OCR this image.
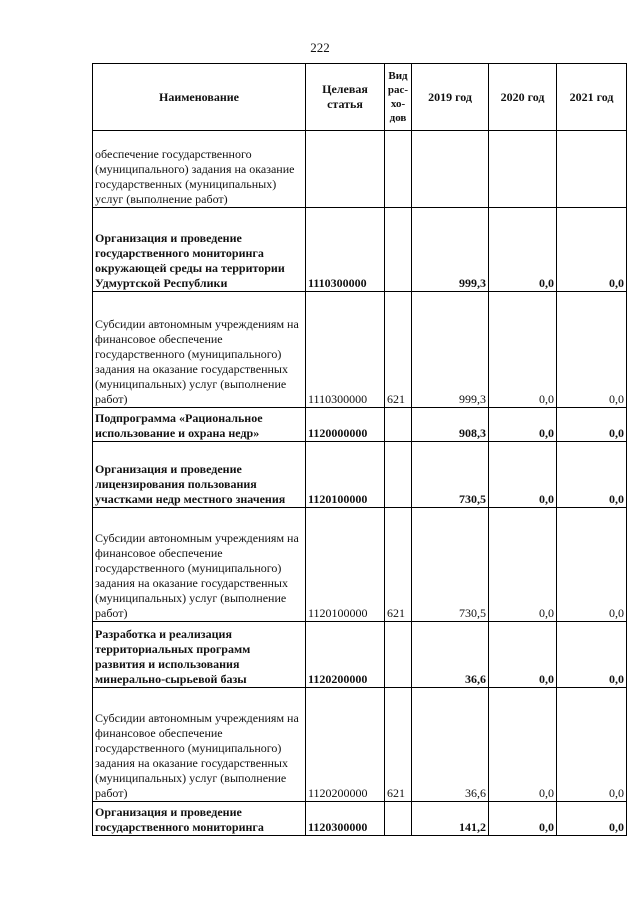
222
Наименование	Целевая статья	Вид рас-хо-дов	2019 год	2020 год	2021 год
обеспечение государственного (муниципального) задания на оказание государственных (муниципальных) услуг (выполнение работ)					
Организация и проведение государственного мониторинга окружающей среды на территории Удмуртской Республики	1110300000		999,3	0,0	0,0
Субсидии автономным учреждениям на финансовое обеспечение государственного (муниципального) задания на оказание государственных (муниципальных) услуг (выполнение работ)	1110300000	621	999,3	0,0	0,0
Подпрограмма «Рациональное использование и охрана недр»	1120000000		908,3	0,0	0,0
Организация и проведение лицензирования пользования участками недр местного значения	1120100000		730,5	0,0	0,0
Субсидии автономным учреждениям на финансовое обеспечение государственного (муниципального) задания на оказание государственных (муниципальных) услуг (выполнение работ)	1120100000	621	730,5	0,0	0,0
Разработка и реализация территориальных программ развития и использования минерально-сырьевой базы	1120200000		36,6	0,0	0,0
Субсидии автономным учреждениям на финансовое обеспечение государственного (муниципального) задания на оказание государственных (муниципальных) услуг (выполнение работ)	1120200000	621	36,6	0,0	0,0
Организация и проведение государственного мониторинга	1120300000		141,2	0,0	0,0
